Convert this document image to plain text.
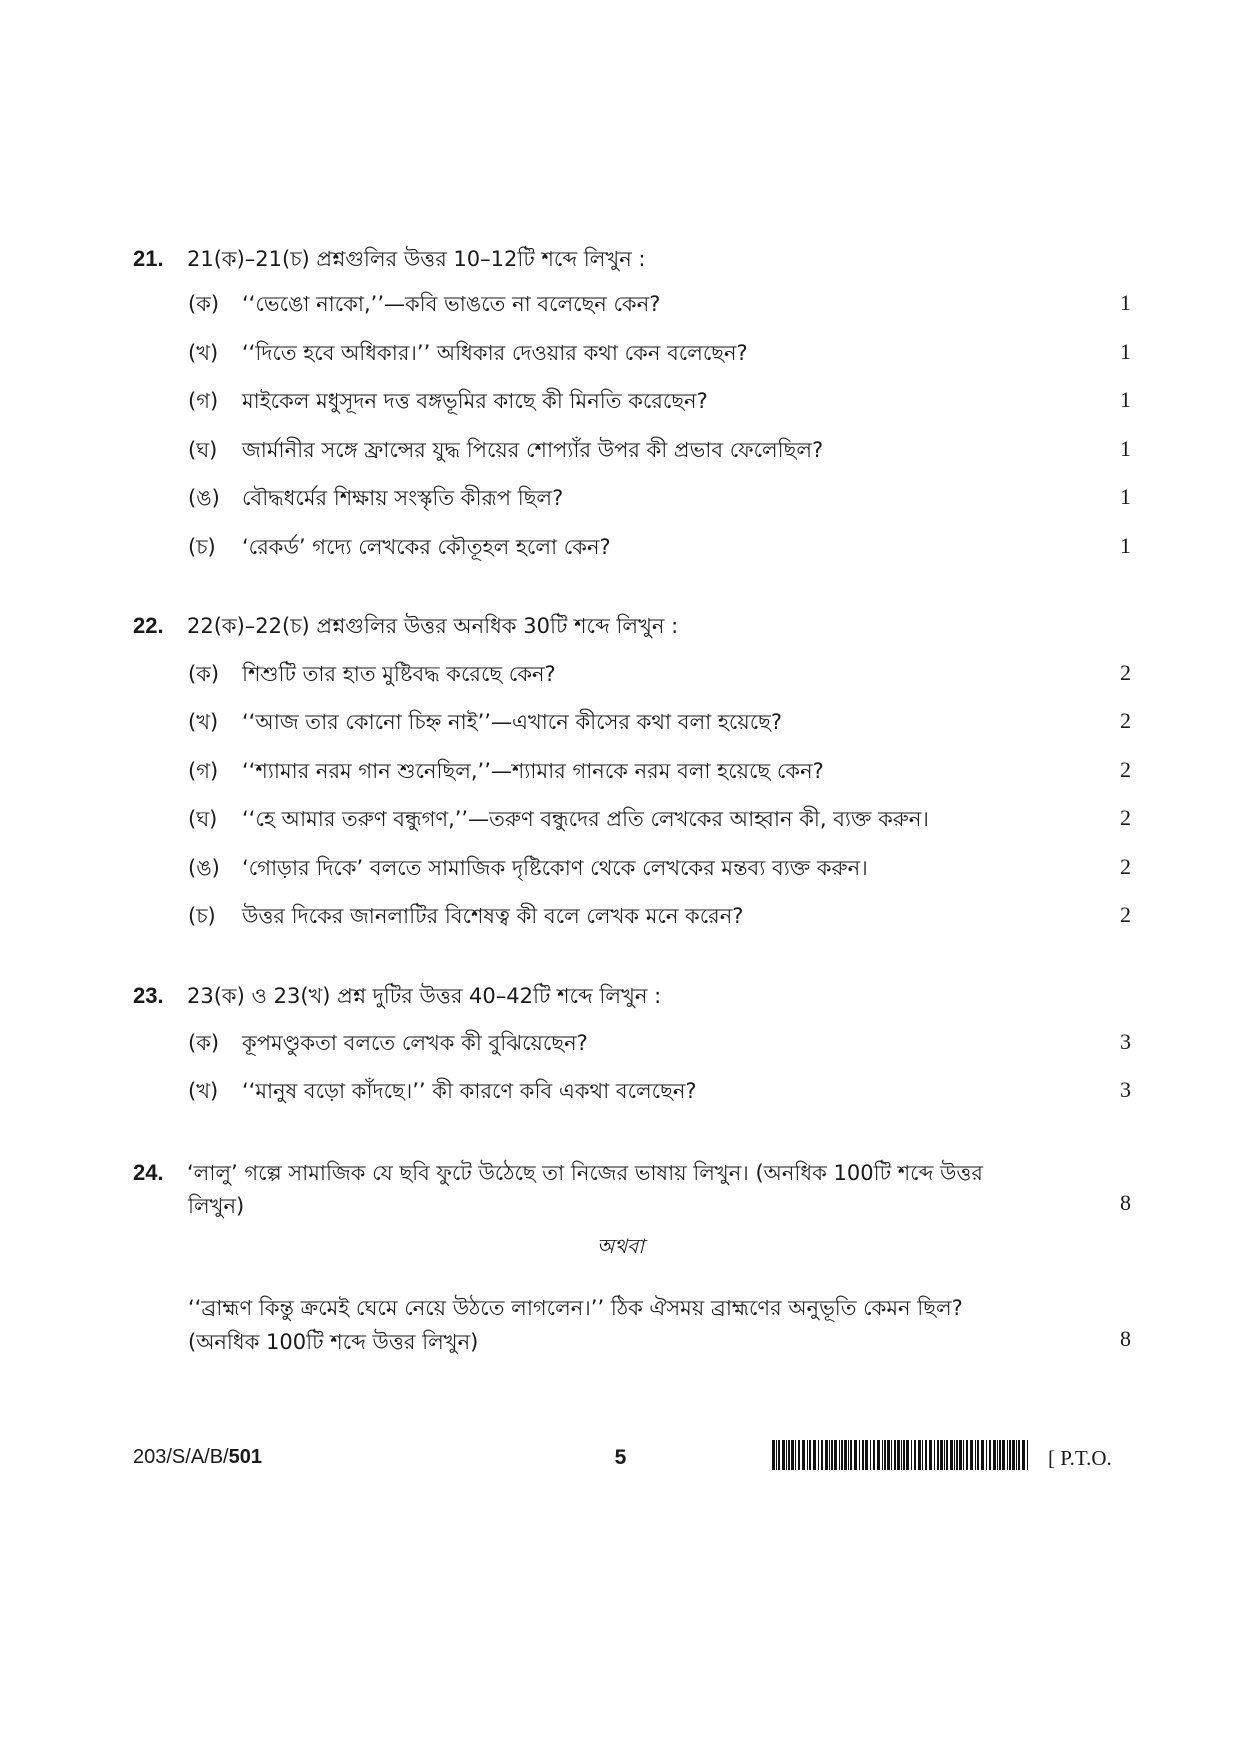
21. 21(ক)–21(চ) প্রশ্নগুলির উত্তর 10–12টি শব্দে লিখুন :
(ক) ‘‘ভেঙো নাকো,’’—কবি ভাঙতে না বলেছেন কেন?	1
(খ) ‘‘দিতে হবে অধিকার।’’ অধিকার দেওয়ার কথা কেন বলেছেন?	1
(গ) মাইকেল মধুসূদন দত্ত বঙ্গভূমির কাছে কী মিনতি করেছেন?	1
(ঘ) জার্মানীর সঙ্গে ফ্রান্সের যুদ্ধ পিয়ের শোপ্যাঁর উপর কী প্রভাব ফেলেছিল?	1
(ঙ) বৌদ্ধধর্মের শিক্ষায় সংস্কৃতি কীরূপ ছিল?	1
(চ) ‘রেকর্ড’ গদ্যে লেখকের কৌতূহল হলো কেন?	1
22. 22(ক)–22(চ) প্রশ্নগুলির উত্তর অনধিক 30টি শব্দে লিখুন :
(ক) শিশুটি তার হাত মুষ্টিবদ্ধ করেছে কেন?	2
(খ) ‘‘আজ তার কোনো চিহ্ন নাই’’—এখানে কীসের কথা বলা হয়েছে?	2
(গ) ‘‘শ্যামার নরম গান শুনেছিল,’’—শ্যামার গানকে নরম বলা হয়েছে কেন?	2
(ঘ) ‘‘হে আমার তরুণ বন্ধুগণ,’’—তরুণ বন্ধুদের প্রতি লেখকের আহ্বান কী, ব্যক্ত করুন।	2
(ঙ) ‘গোড়ার দিকে’ বলতে সামাজিক দৃষ্টিকোণ থেকে লেখকের মন্তব্য ব্যক্ত করুন।	2
(চ) উত্তর দিকের জানলাটির বিশেষত্ব কী বলে লেখক মনে করেন?	2
23. 23(ক) ও 23(খ) প্রশ্ন দুটির উত্তর 40–42টি শব্দে লিখুন :
(ক) কূপমণ্ডুকতা বলতে লেখক কী বুঝিয়েছেন?	3
(খ) ‘‘মানুষ বড়ো কাঁদছে।’’ কী কারণে কবি একথা বলেছেন?	3
24. ‘লালু’ গল্পে সামাজিক যে ছবি ফুটে উঠেছে তা নিজের ভাষায় লিখুন। (অনধিক 100টি শব্দে উত্তর
লিখুন)	8
অথবা
‘‘ব্রাহ্মণ কিন্তু ক্রমেই ঘেমে নেয়ে উঠতে লাগলেন।’’ ঠিক ঐসময় ব্রাহ্মণের অনুভূতি কেমন ছিল?
(অনধিক 100টি শব্দে উত্তর লিখুন)	8
203/S/A/B/501	5	[ P.T.O.
